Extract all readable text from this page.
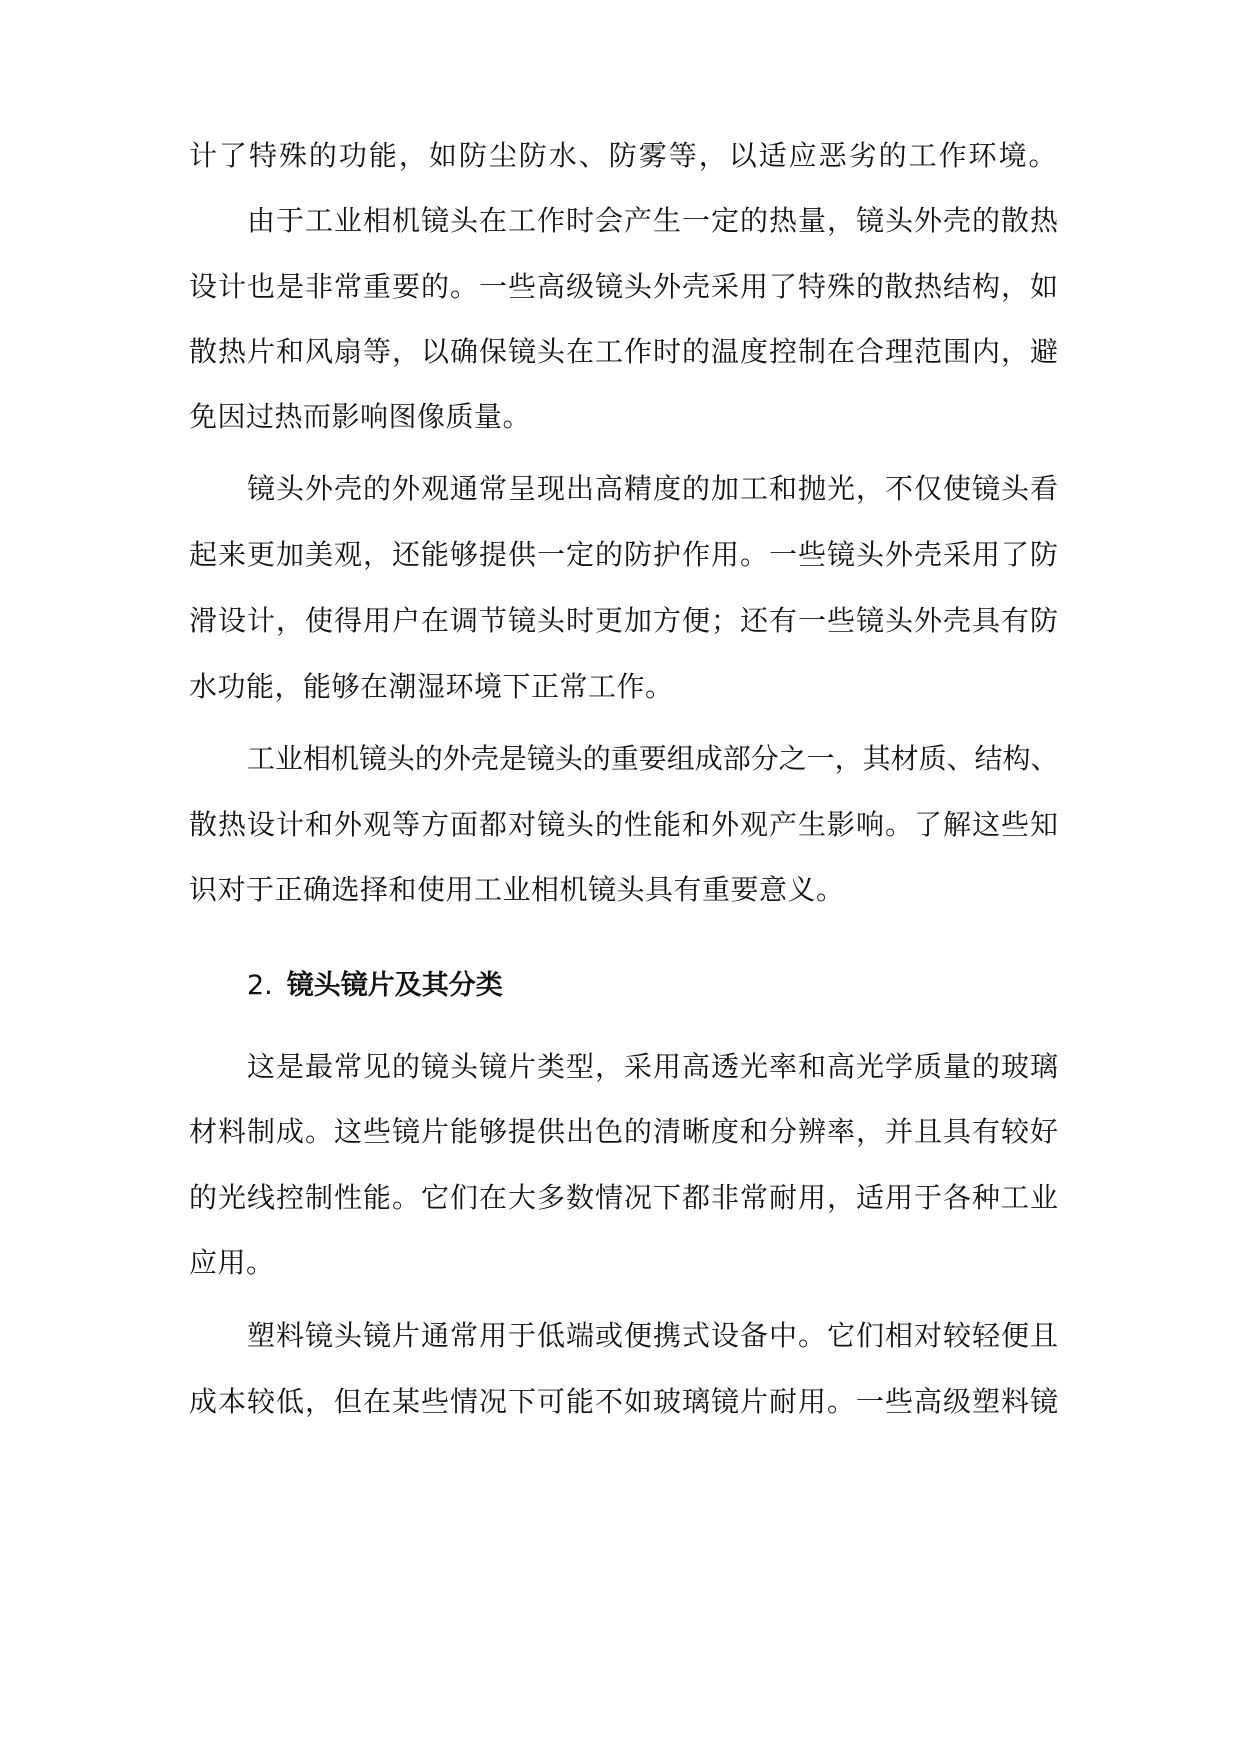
计了特殊的功能，如防尘防水、防雾等，以适应恶劣的工作环境。
由于工业相机镜头在工作时会产生一定的热量，镜头外壳的散热
设计也是非常重要的。一些高级镜头外壳采用了特殊的散热结构，如
散热片和风扇等，以确保镜头在工作时的温度控制在合理范围内，避
免因过热而影响图像质量。
镜头外壳的外观通常呈现出高精度的加工和抛光，不仅使镜头看
起来更加美观，还能够提供一定的防护作用。一些镜头外壳采用了防
滑设计，使得用户在调节镜头时更加方便；还有一些镜头外壳具有防
水功能，能够在潮湿环境下正常工作。
工业相机镜头的外壳是镜头的重要组成部分之一，其材质、结构、
散热设计和外观等方面都对镜头的性能和外观产生影响。了解这些知
识对于正确选择和使用工业相机镜头具有重要意义。
2. 镜头镜片及其分类
这是最常见的镜头镜片类型，采用高透光率和高光学质量的玻璃
材料制成。这些镜片能够提供出色的清晰度和分辨率，并且具有较好
的光线控制性能。它们在大多数情况下都非常耐用，适用于各种工业
应用。
塑料镜头镜片通常用于低端或便携式设备中。它们相对较轻便且
成本较低，但在某些情况下可能不如玻璃镜片耐用。一些高级塑料镜
